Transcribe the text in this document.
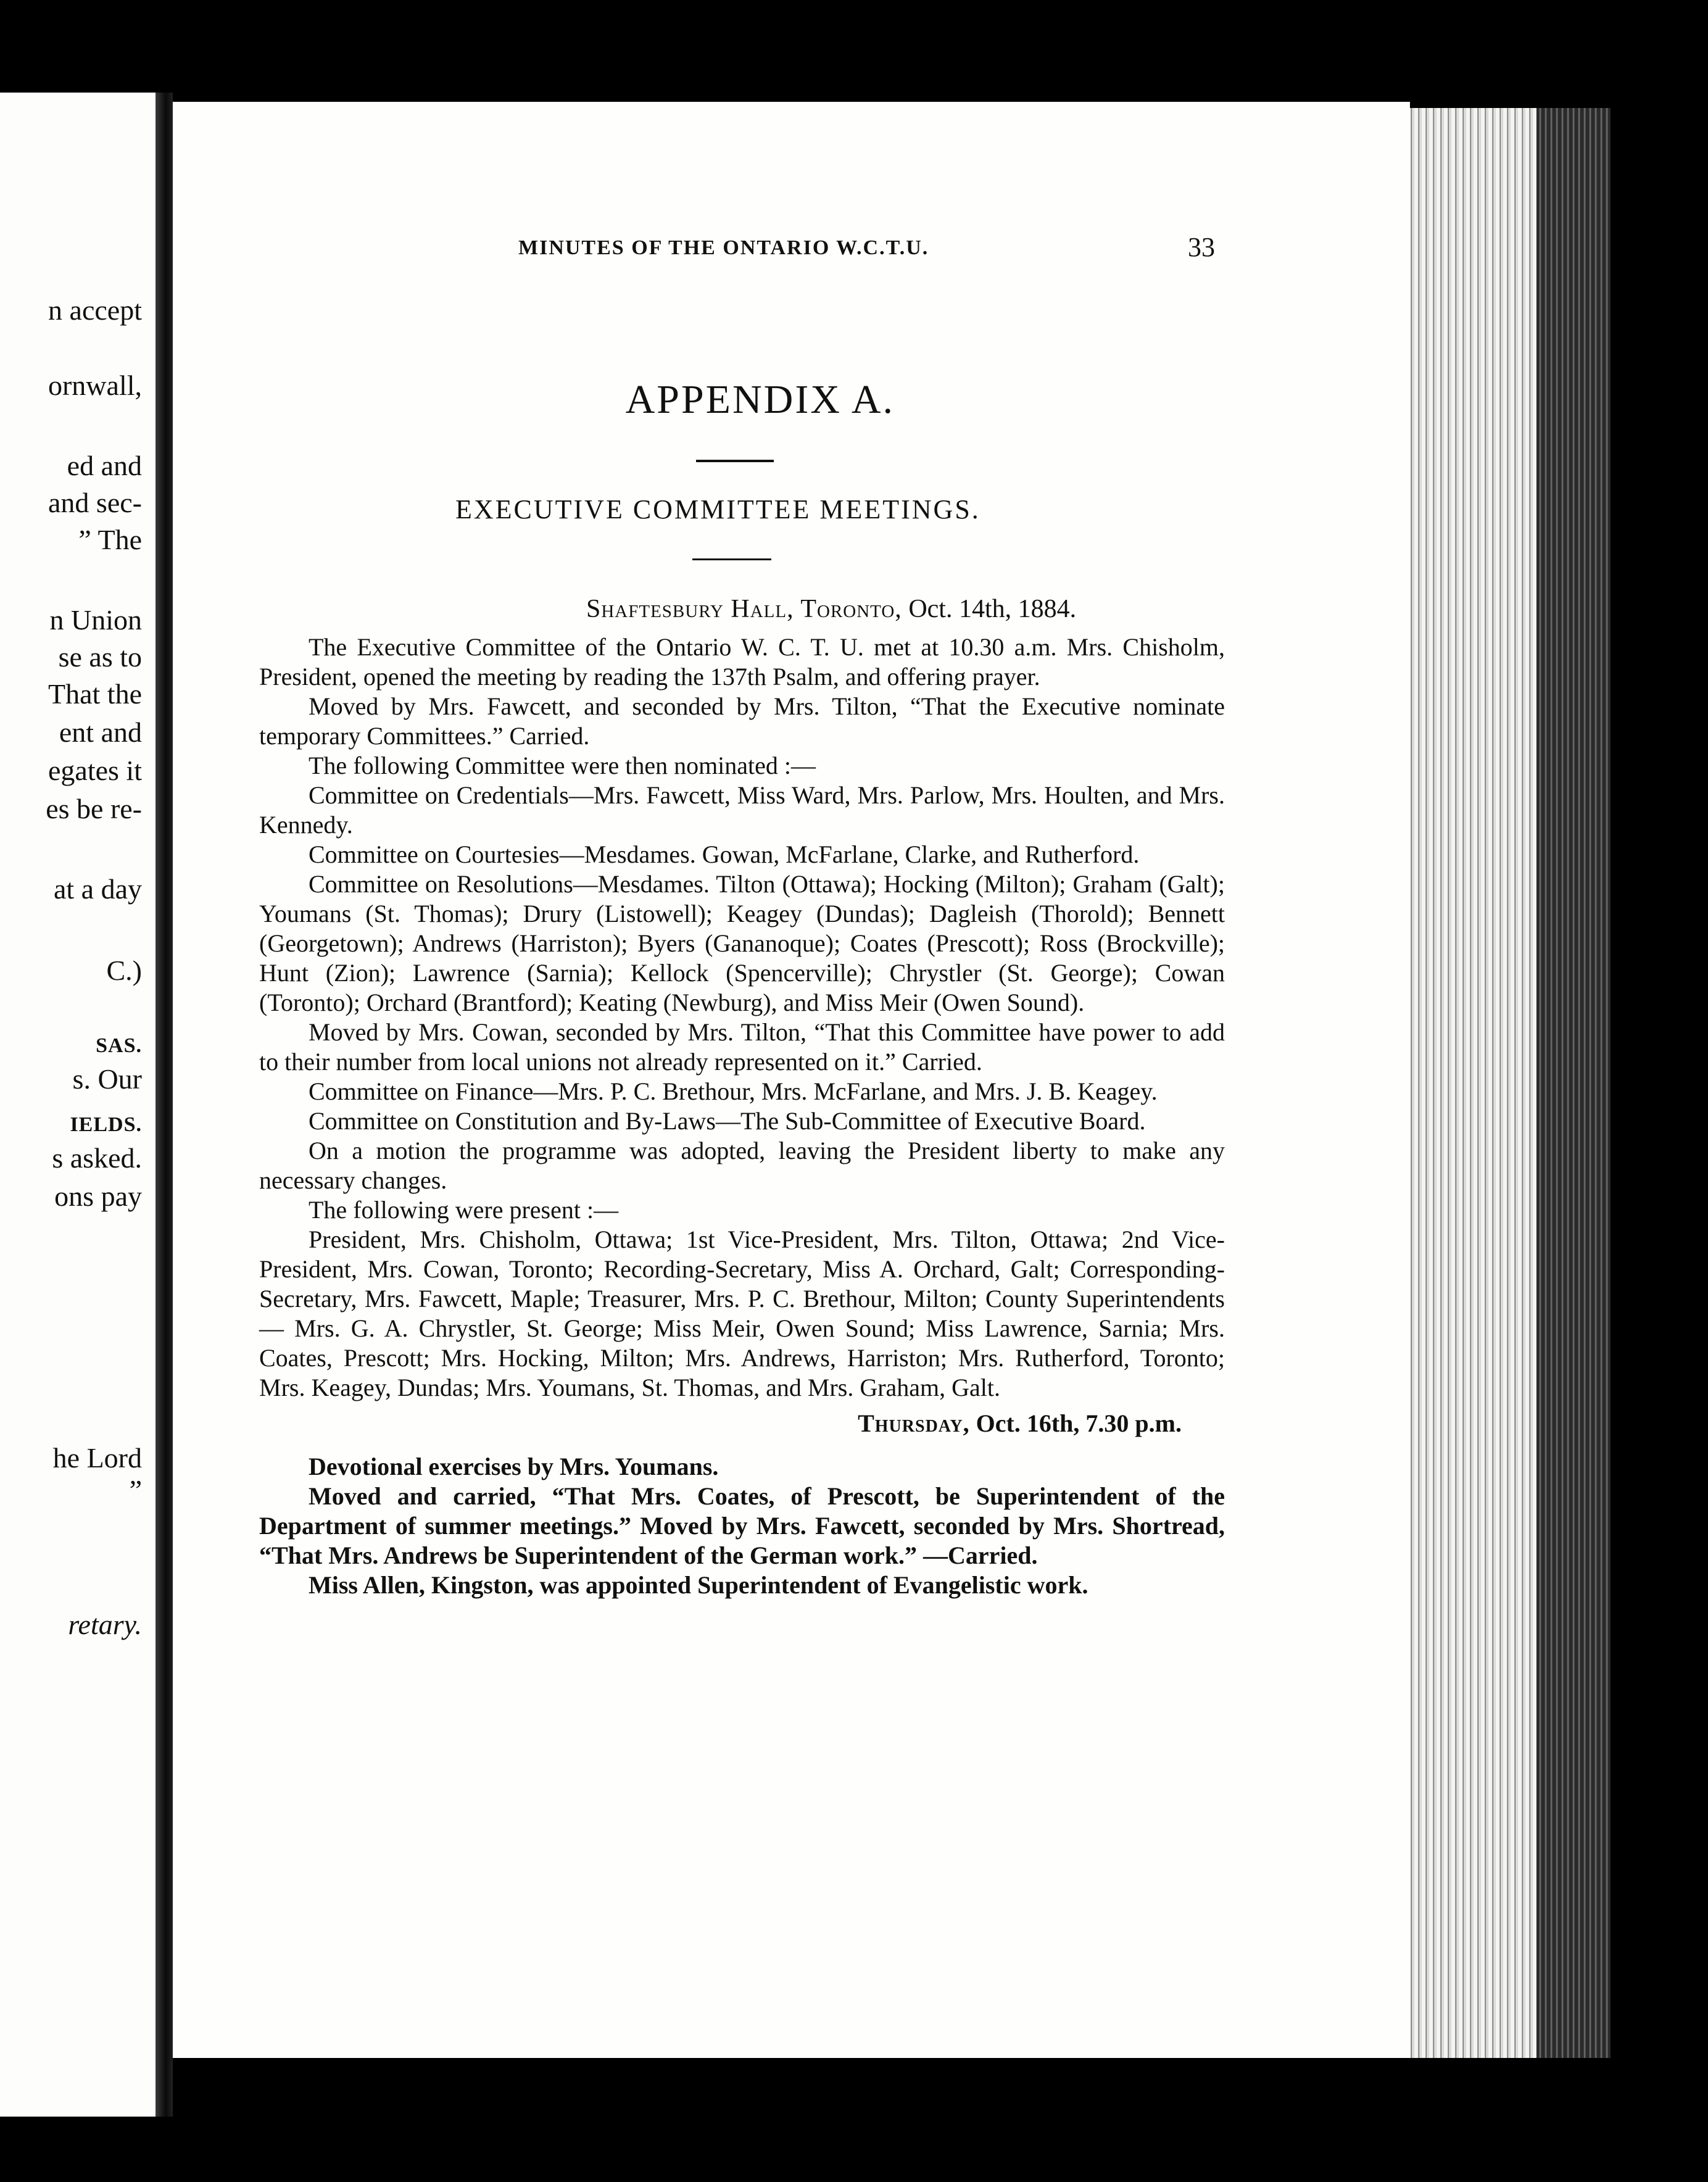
n accept
ornwall,
ed and
and sec-
” The
n Union
se as to
That the
ent and
egates it
es be re-
at a day
C.)
SAS.
s. Our
IELDS.
s asked.
ons pay
he Lord
”
retary.
MINUTES OF THE ONTARIO W.C.T.U.	33
APPENDIX A.
EXECUTIVE COMMITTEE MEETINGS.
Shaftesbury Hall, Toronto, Oct. 14th, 1884.

The Executive Committee of the Ontario W. C. T. U. met at 10.30 a.m. Mrs. Chisholm, President, opened the meeting by reading the 137th Psalm, and offering prayer.

Moved by Mrs. Fawcett, and seconded by Mrs. Tilton, “That the Executive nominate temporary Committees.” Carried.

The following Committee were then nominated :—

Committee on Credentials—Mrs. Fawcett, Miss Ward, Mrs. Parlow, Mrs. Houlten, and Mrs. Kennedy.

Committee on Courtesies—Mesdames. Gowan, McFarlane, Clarke, and Rutherford.

Committee on Resolutions—Mesdames. Tilton (Ottawa); Hocking (Milton); Graham (Galt); Youmans (St. Thomas); Drury (Listowell); Keagey (Dundas); Dagleish (Thorold); Bennett (Georgetown); Andrews (Harriston); Byers (Gananoque); Coates (Prescott); Ross (Brockville); Hunt (Zion); Lawrence (Sarnia); Kellock (Spencerville); Chrystler (St. George); Cowan (Toronto); Orchard (Brantford); Keating (Newburg), and Miss Meir (Owen Sound).

Moved by Mrs. Cowan, seconded by Mrs. Tilton, “That this Committee have power to add to their number from local unions not already represented on it.” Carried.

Committee on Finance—Mrs. P. C. Brethour, Mrs. McFarlane, and Mrs. J. B. Keagey.

Committee on Constitution and By-Laws—The Sub-Committee of Executive Board.

On a motion the programme was adopted, leaving the President liberty to make any necessary changes.

The following were present :—

President, Mrs. Chisholm, Ottawa; 1st Vice-President, Mrs. Tilton, Ottawa; 2nd Vice-President, Mrs. Cowan, Toronto; Recording-Secretary, Miss A. Orchard, Galt; Corresponding-Secretary, Mrs. Fawcett, Maple; Treasurer, Mrs. P. C. Brethour, Milton; County Superintendents — Mrs. G. A. Chrystler, St. George; Miss Meir, Owen Sound; Miss Lawrence, Sarnia; Mrs. Coates, Prescott; Mrs. Hocking, Milton; Mrs. Andrews, Harriston; Mrs. Rutherford, Toronto; Mrs. Keagey, Dundas; Mrs. Youmans, St. Thomas, and Mrs. Graham, Galt.

Thursday, Oct. 16th, 7.30 p.m.

Devotional exercises by Mrs. Youmans.

Moved and carried, “That Mrs. Coates, of Prescott, be Superintendent of the Department of summer meetings.” Moved by Mrs. Fawcett, seconded by Mrs. Shortread, “That Mrs. Andrews be Superintendent of the German work.” —Carried.

Miss Allen, Kingston, was appointed Superintendent of Evangelistic work.
